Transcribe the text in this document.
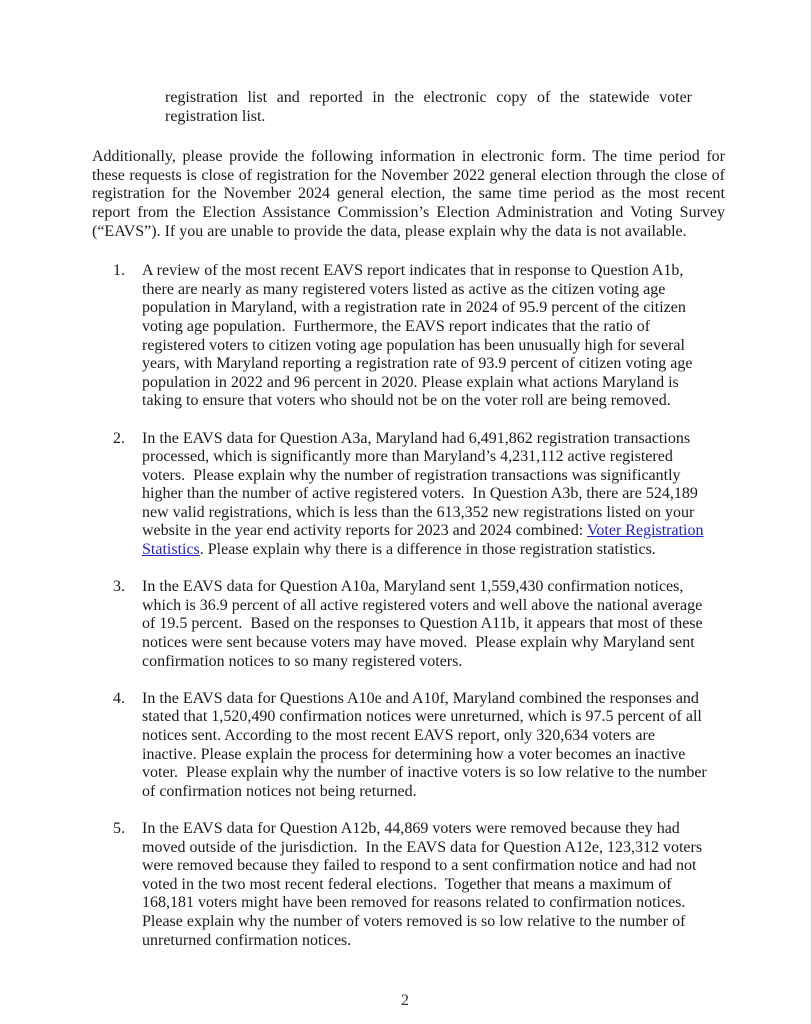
registration list and reported in the electronic copy of the statewide voter registration list.

Additionally, please provide the following information in electronic form. The time period for these requests is close of registration for the November 2022 general election through the close of registration for the November 2024 general election, the same time period as the most recent report from the Election Assistance Commission’s Election Administration and Voting Survey (“EAVS”). If you are unable to provide the data, please explain why the data is not available.

1. A review of the most recent EAVS report indicates that in response to Question A1b, there are nearly as many registered voters listed as active as the citizen voting age population in Maryland, with a registration rate in 2024 of 95.9 percent of the citizen voting age population.  Furthermore, the EAVS report indicates that the ratio of registered voters to citizen voting age population has been unusually high for several years, with Maryland reporting a registration rate of 93.9 percent of citizen voting age population in 2022 and 96 percent in 2020. Please explain what actions Maryland is taking to ensure that voters who should not be on the voter roll are being removed.
2. In the EAVS data for Question A3a, Maryland had 6,491,862 registration transactions processed, which is significantly more than Maryland’s 4,231,112 active registered voters.  Please explain why the number of registration transactions was significantly higher than the number of active registered voters.  In Question A3b, there are 524,189 new valid registrations, which is less than the 613,352 new registrations listed on your website in the year end activity reports for 2023 and 2024 combined: Voter Registration Statistics. Please explain why there is a difference in those registration statistics.
3. In the EAVS data for Question A10a, Maryland sent 1,559,430 confirmation notices, which is 36.9 percent of all active registered voters and well above the national average of 19.5 percent.  Based on the responses to Question A11b, it appears that most of these notices were sent because voters may have moved.  Please explain why Maryland sent confirmation notices to so many registered voters.
4. In the EAVS data for Questions A10e and A10f, Maryland combined the responses and stated that 1,520,490 confirmation notices were unreturned, which is 97.5 percent of all notices sent. According to the most recent EAVS report, only 320,634 voters are inactive. Please explain the process for determining how a voter becomes an inactive voter.  Please explain why the number of inactive voters is so low relative to the number of confirmation notices not being returned.
5. In the EAVS data for Question A12b, 44,869 voters were removed because they had moved outside of the jurisdiction.  In the EAVS data for Question A12e, 123,312 voters were removed because they failed to respond to a sent confirmation notice and had not voted in the two most recent federal elections.  Together that means a maximum of 168,181 voters might have been removed for reasons related to confirmation notices. Please explain why the number of voters removed is so low relative to the number of unreturned confirmation notices.
2
